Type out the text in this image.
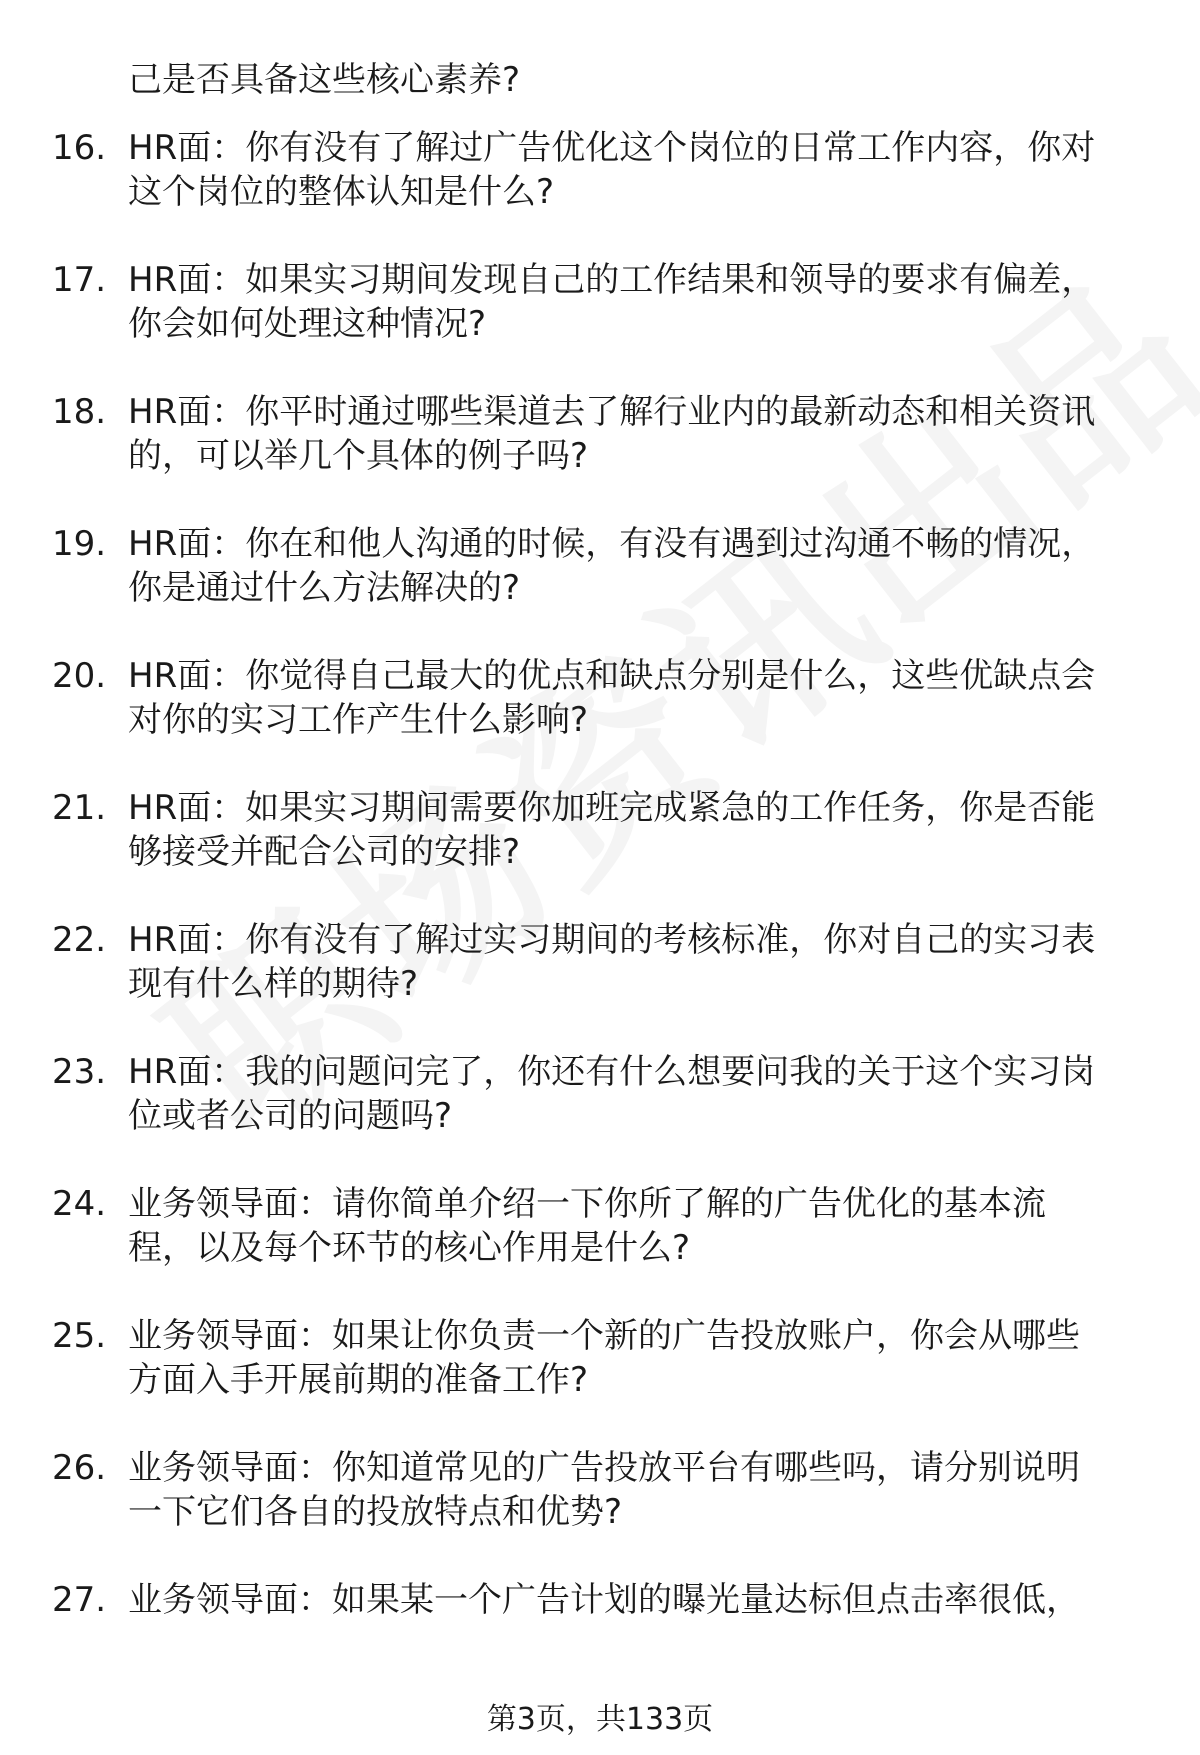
己是否具备这些核心素养?
16. HR面：你有没有了解过广告优化这个岗位的日常工作内容，你对
这个岗位的整体认知是什么?
17. HR面：如果实习期间发现自己的工作结果和领导的要求有偏差，
你会如何处理这种情况?
18. HR面：你平时通过哪些渠道去了解行业内的最新动态和相关资讯
的，可以举几个具体的例子吗?
19. HR面：你在和他人沟通的时候，有没有遇到过沟通不畅的情况，
你是通过什么方法解决的?
20. HR面：你觉得自己最大的优点和缺点分别是什么，这些优缺点会
对你的实习工作产生什么影响?
21. HR面：如果实习期间需要你加班完成紧急的工作任务，你是否能
够接受并配合公司的安排?
22. HR面：你有没有了解过实习期间的考核标准，你对自己的实习表
现有什么样的期待?
23. HR面：我的问题问完了，你还有什么想要问我的关于这个实习岗
位或者公司的问题吗?
24. 业务领导面：请你简单介绍一下你所了解的广告优化的基本流
程，以及每个环节的核心作用是什么?
25. 业务领导面：如果让你负责一个新的广告投放账户，你会从哪些
方面入手开展前期的准备工作?
26. 业务领导面：你知道常见的广告投放平台有哪些吗，请分别说明
一下它们各自的投放特点和优势?
27. 业务领导面：如果某一个广告计划的曝光量达标但点击率很低，
第3页，共133页
